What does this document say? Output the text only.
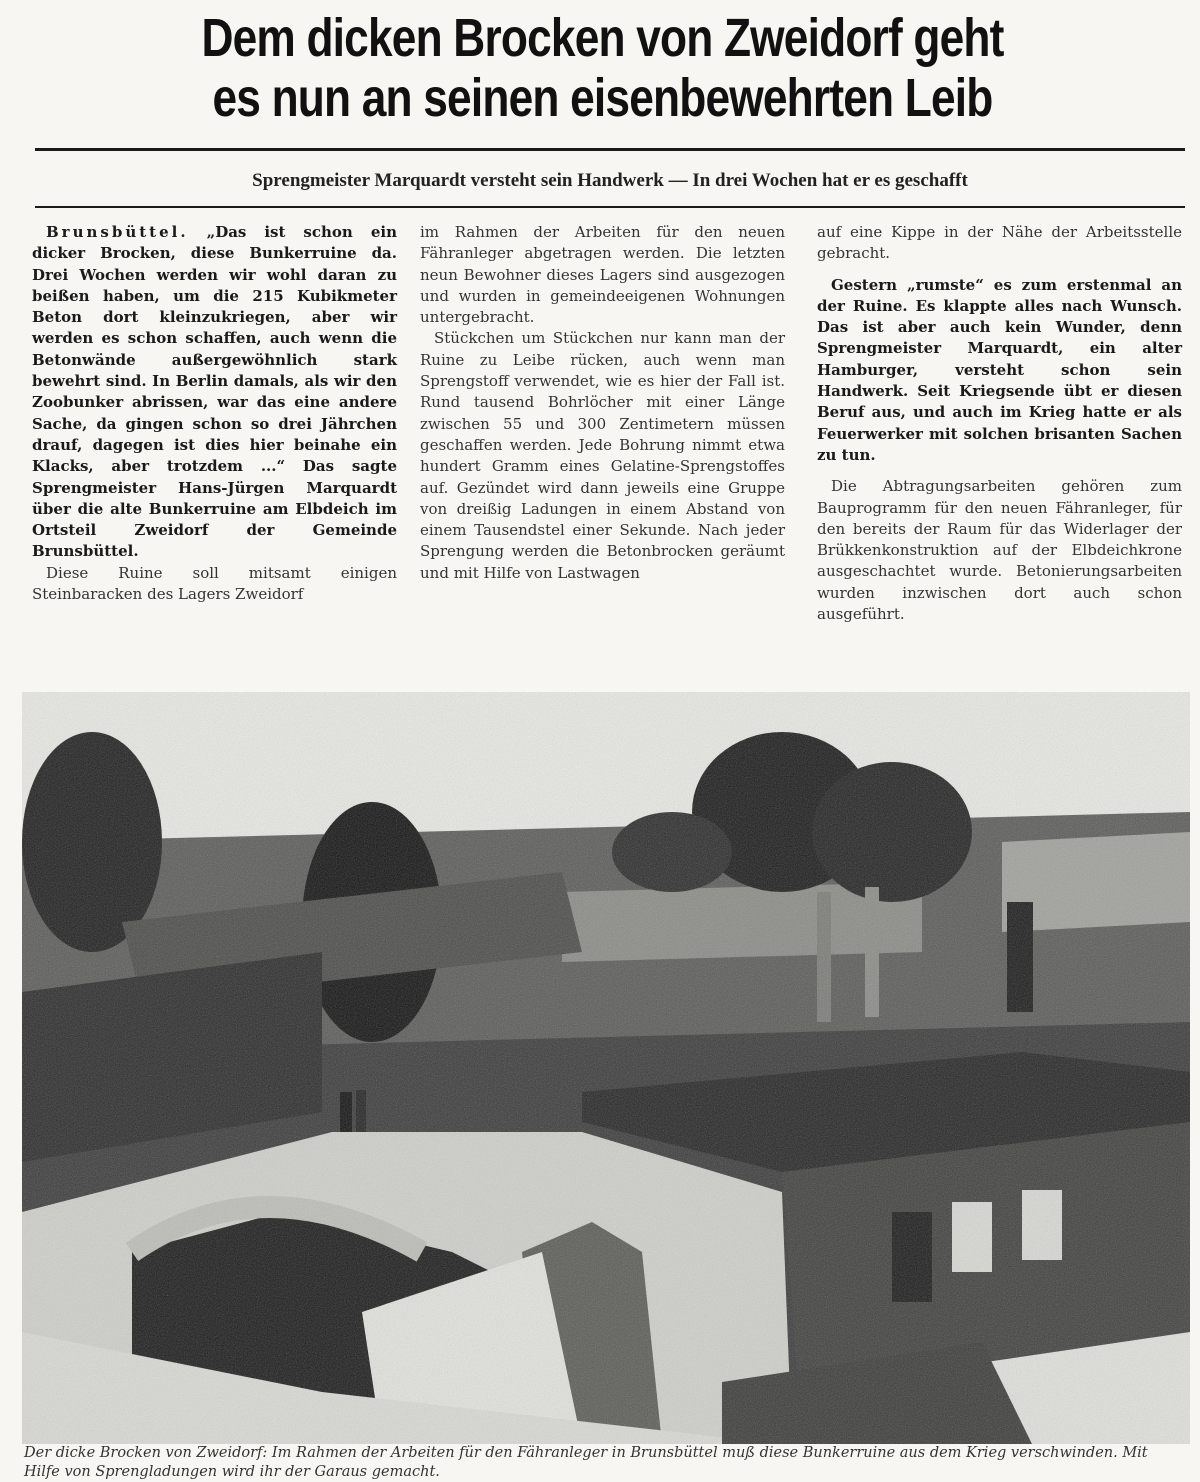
Dem dicken Brocken von Zweidorf geht
es nun an seinen eisenbewehrten Leib
Sprengmeister Marquardt versteht sein Handwerk — In drei Wochen hat er es geschafft

Brunsbüttel. „Das ist schon ein dicker Brocken, diese Bunkerruine da. Drei Wochen werden wir wohl daran zu beißen haben, um die 215 Kubikmeter Beton dort kleinzukriegen, aber wir werden es schon schaffen, auch wenn die Betonwände außergewöhnlich stark bewehrt sind. In Berlin damals, als wir den Zoobunker abrissen, war das eine andere Sache, da gingen schon so drei Jährchen drauf, dagegen ist dies hier beinahe ein Klacks, aber trotzdem ...“ Das sagte Sprengmeister Hans-Jürgen Marquardt über die alte Bunkerruine am Elbdeich im Ortsteil Zweidorf der Gemeinde Brunsbüttel.

Diese Ruine soll mitsamt einigen Steinbaracken des Lagers Zweidorf

im Rahmen der Arbeiten für den neuen Fähranleger abgetragen werden. Die letzten neun Bewohner dieses Lagers sind ausgezogen und wurden in gemeindeeigenen Wohnungen untergebracht.

Stückchen um Stückchen nur kann man der Ruine zu Leibe rücken, auch wenn man Sprengstoff verwendet, wie es hier der Fall ist. Rund tausend Bohrlöcher mit einer Länge zwischen 55 und 300 Zentimetern müssen geschaffen werden. Jede Bohrung nimmt etwa hundert Gramm eines Gelatine-Sprengstoffes auf. Gezündet wird dann jeweils eine Gruppe von dreißig Ladungen in einem Abstand von einem Tausendstel einer Sekunde. Nach jeder Sprengung werden die Betonbrocken geräumt und mit Hilfe von Lastwagen

auf eine Kippe in der Nähe der Arbeitsstelle gebracht.

Gestern „rumste“ es zum erstenmal an der Ruine. Es klappte alles nach Wunsch. Das ist aber auch kein Wunder, denn Sprengmeister Marquardt, ein alter Hamburger, versteht schon sein Handwerk. Seit Kriegsende übt er diesen Beruf aus, und auch im Krieg hatte er als Feuerwerker mit solchen brisanten Sachen zu tun.

Die Abtragungsarbeiten gehören zum Bauprogramm für den neuen Fähranleger, für den bereits der Raum für das Widerlager der Brükkenkonstruktion auf der Elbdeichkrone ausgeschachtet wurde. Betonierungsarbeiten wurden inzwischen dort auch schon ausgeführt.

Der dicke Brocken von Zweidorf: Im Rahmen der Arbeiten für den Fähranleger in Brunsbüttel muß diese Bunkerruine aus dem Krieg verschwinden. Mit Hilfe von Sprengladungen wird ihr der Garaus gemacht.
